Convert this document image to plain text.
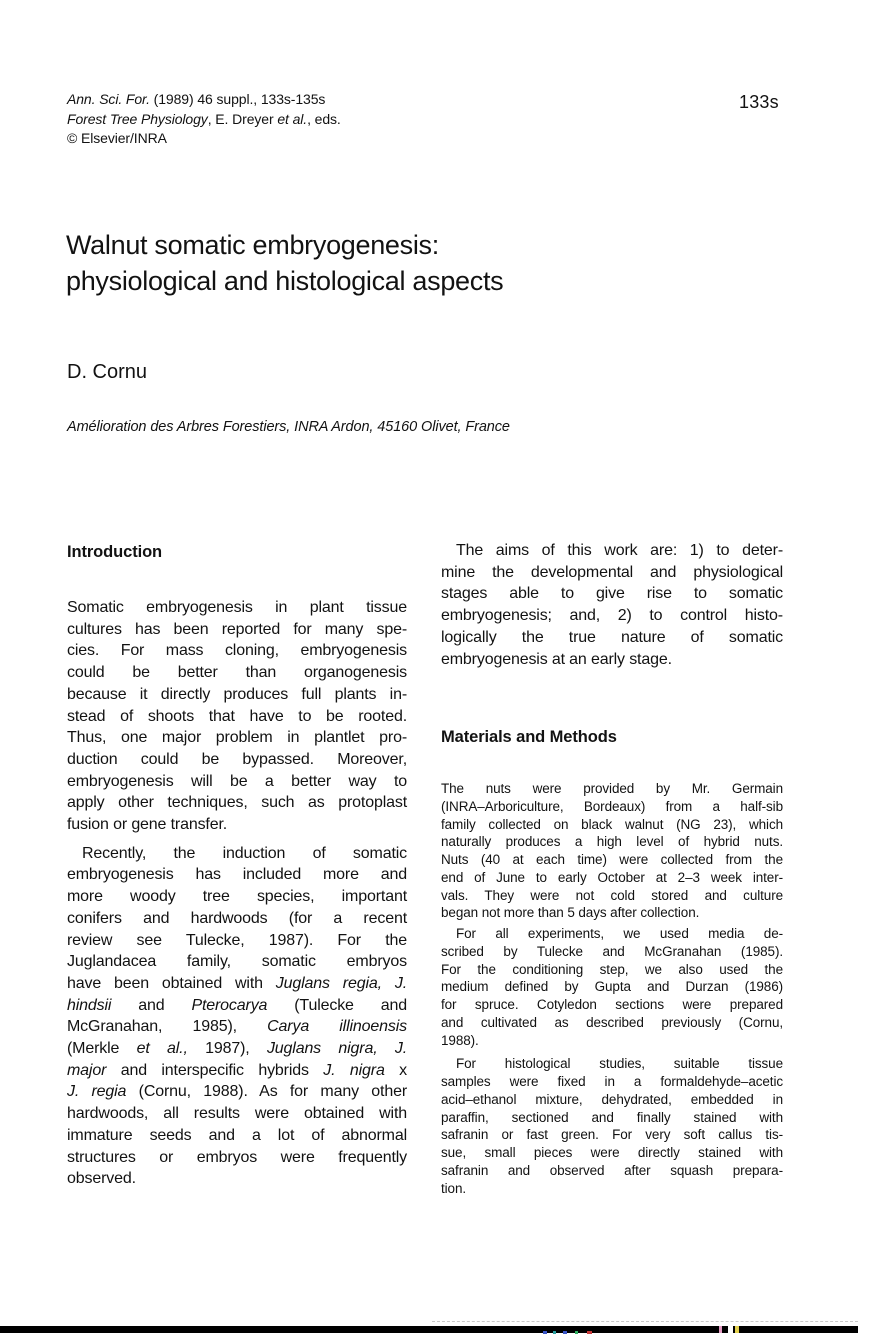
Ann. Sci. For. (1989) 46 suppl., 133s-135s
Forest Tree Physiology, E. Dreyer et al., eds.
© Elsevier/INRA
133s
Walnut somatic embryogenesis:
physiological and histological aspects
D. Cornu
Amélioration des Arbres Forestiers, INRA Ardon, 45160 Olivet, France
Introduction
Somatic embryogenesis in plant tissue
cultures has been reported for many spe-
cies. For mass cloning, embryogenesis
could be better than organogenesis
because it directly produces full plants in-
stead of shoots that have to be rooted.
Thus, one major problem in plantlet pro-
duction could be bypassed. Moreover,
embryogenesis will be a better way to
apply other techniques, such as protoplast
fusion or gene transfer.
Recently, the induction of somatic
embryogenesis has included more and
more woody tree species, important
conifers and hardwoods (for a recent
review see Tulecke, 1987). For the
Juglandacea family, somatic embryos
have been obtained with Juglans regia, J.
hindsii and Pterocarya (Tulecke and
McGranahan, 1985), Carya illinoensis
(Merkle et al., 1987), Juglans nigra, J.
major and interspecific hybrids J. nigra x
J. regia (Cornu, 1988). As for many other
hardwoods, all results were obtained with
immature seeds and a lot of abnormal
structures or embryos were frequently
observed.
The aims of this work are: 1) to deter-
mine the developmental and physiological
stages able to give rise to somatic
embryogenesis; and, 2) to control histo-
logically the true nature of somatic
embryogenesis at an early stage.
Materials and Methods
The nuts were provided by Mr. Germain
(INRA–Arboriculture, Bordeaux) from a half-sib
family collected on black walnut (NG 23), which
naturally produces a high level of hybrid nuts.
Nuts (40 at each time) were collected from the
end of June to early October at 2–3 week inter-
vals. They were not cold stored and culture
began not more than 5 days after collection.
For all experiments, we used media de-
scribed by Tulecke and McGranahan (1985).
For the conditioning step, we also used the
medium defined by Gupta and Durzan (1986)
for spruce. Cotyledon sections were prepared
and cultivated as described previously (Cornu,
1988).
For histological studies, suitable tissue
samples were fixed in a formaldehyde–acetic
acid–ethanol mixture, dehydrated, embedded in
paraffin, sectioned and finally stained with
safranin or fast green. For very soft callus tis-
sue, small pieces were directly stained with
safranin and observed after squash prepara-
tion.
